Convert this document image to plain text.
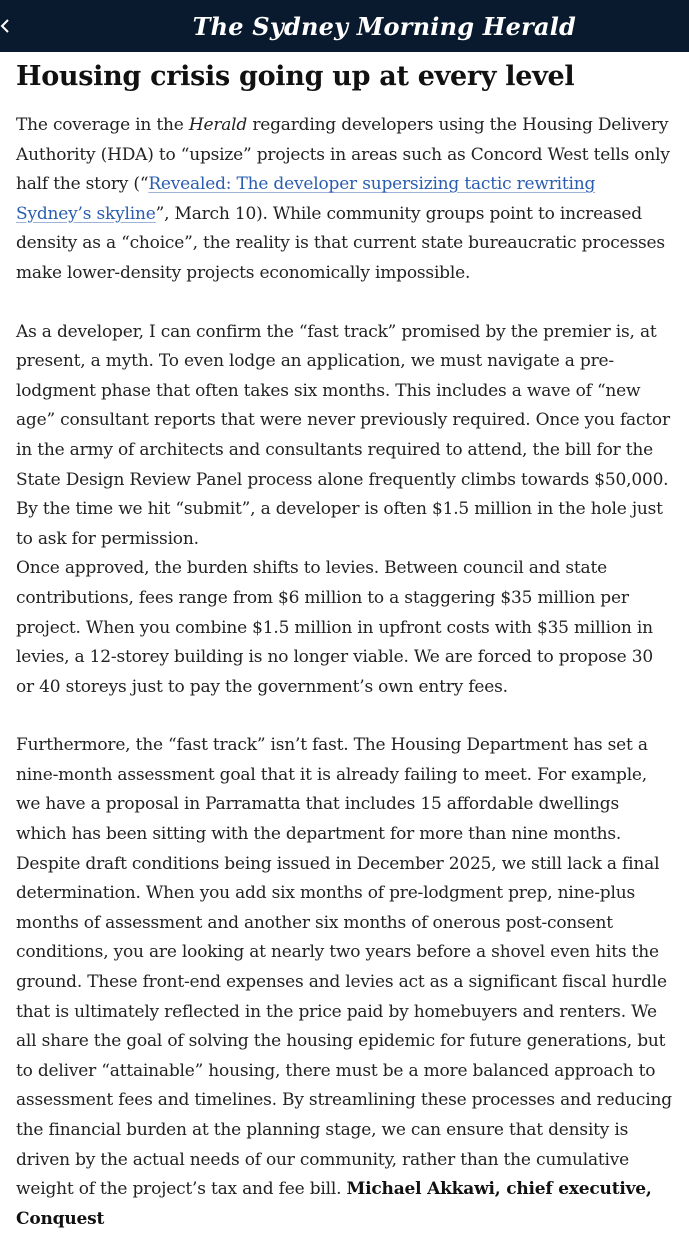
The Sydney Morning Herald
Housing crisis going up at every level

The coverage in the Herald regarding developers using the Housing Delivery Authority (HDA) to “upsize” projects in areas such as Concord West tells only half the story (“Revealed: The developer supersizing tactic rewriting Sydney’s skyline”, March 10). While community groups point to increased density as a “choice”, the reality is that current state bureaucratic processes make lower-density projects economically impossible.

As a developer, I can confirm the “fast track” promised by the premier is, at present, a myth. To even lodge an application, we must navigate a pre-lodgment phase that often takes six months. This includes a wave of “new age” consultant reports that were never previously required. Once you factor in the army of architects and consultants required to attend, the bill for the State Design Review Panel process alone frequently climbs towards $50,000.
By the time we hit “submit”, a developer is often $1.5 million in the hole just to ask for permission.
Once approved, the burden shifts to levies. Between council and state contributions, fees range from $6 million to a staggering $35 million per project. When you combine $1.5 million in upfront costs with $35 million in levies, a 12-storey building is no longer viable. We are forced to propose 30 or 40 storeys just to pay the government’s own entry fees.

Furthermore, the “fast track” isn’t fast. The Housing Department has set a nine-month assessment goal that it is already failing to meet. For example, we have a proposal in Parramatta that includes 15 affordable dwellings which has been sitting with the department for more than nine months. Despite draft conditions being issued in December 2025, we still lack a final determination. When you add six months of pre-lodgment prep, nine-plus months of assessment and another six months of onerous post-consent conditions, you are looking at nearly two years before a shovel even hits the ground. These front-end expenses and levies act as a significant fiscal hurdle that is ultimately reflected in the price paid by homebuyers and renters. We all share the goal of solving the housing epidemic for future generations, but to deliver “attainable” housing, there must be a more balanced approach to assessment fees and timelines. By streamlining these processes and reducing the financial burden at the planning stage, we can ensure that density is driven by the actual needs of our community, rather than the cumulative weight of the project’s tax and fee bill. Michael Akkawi, chief executive, Conquest
